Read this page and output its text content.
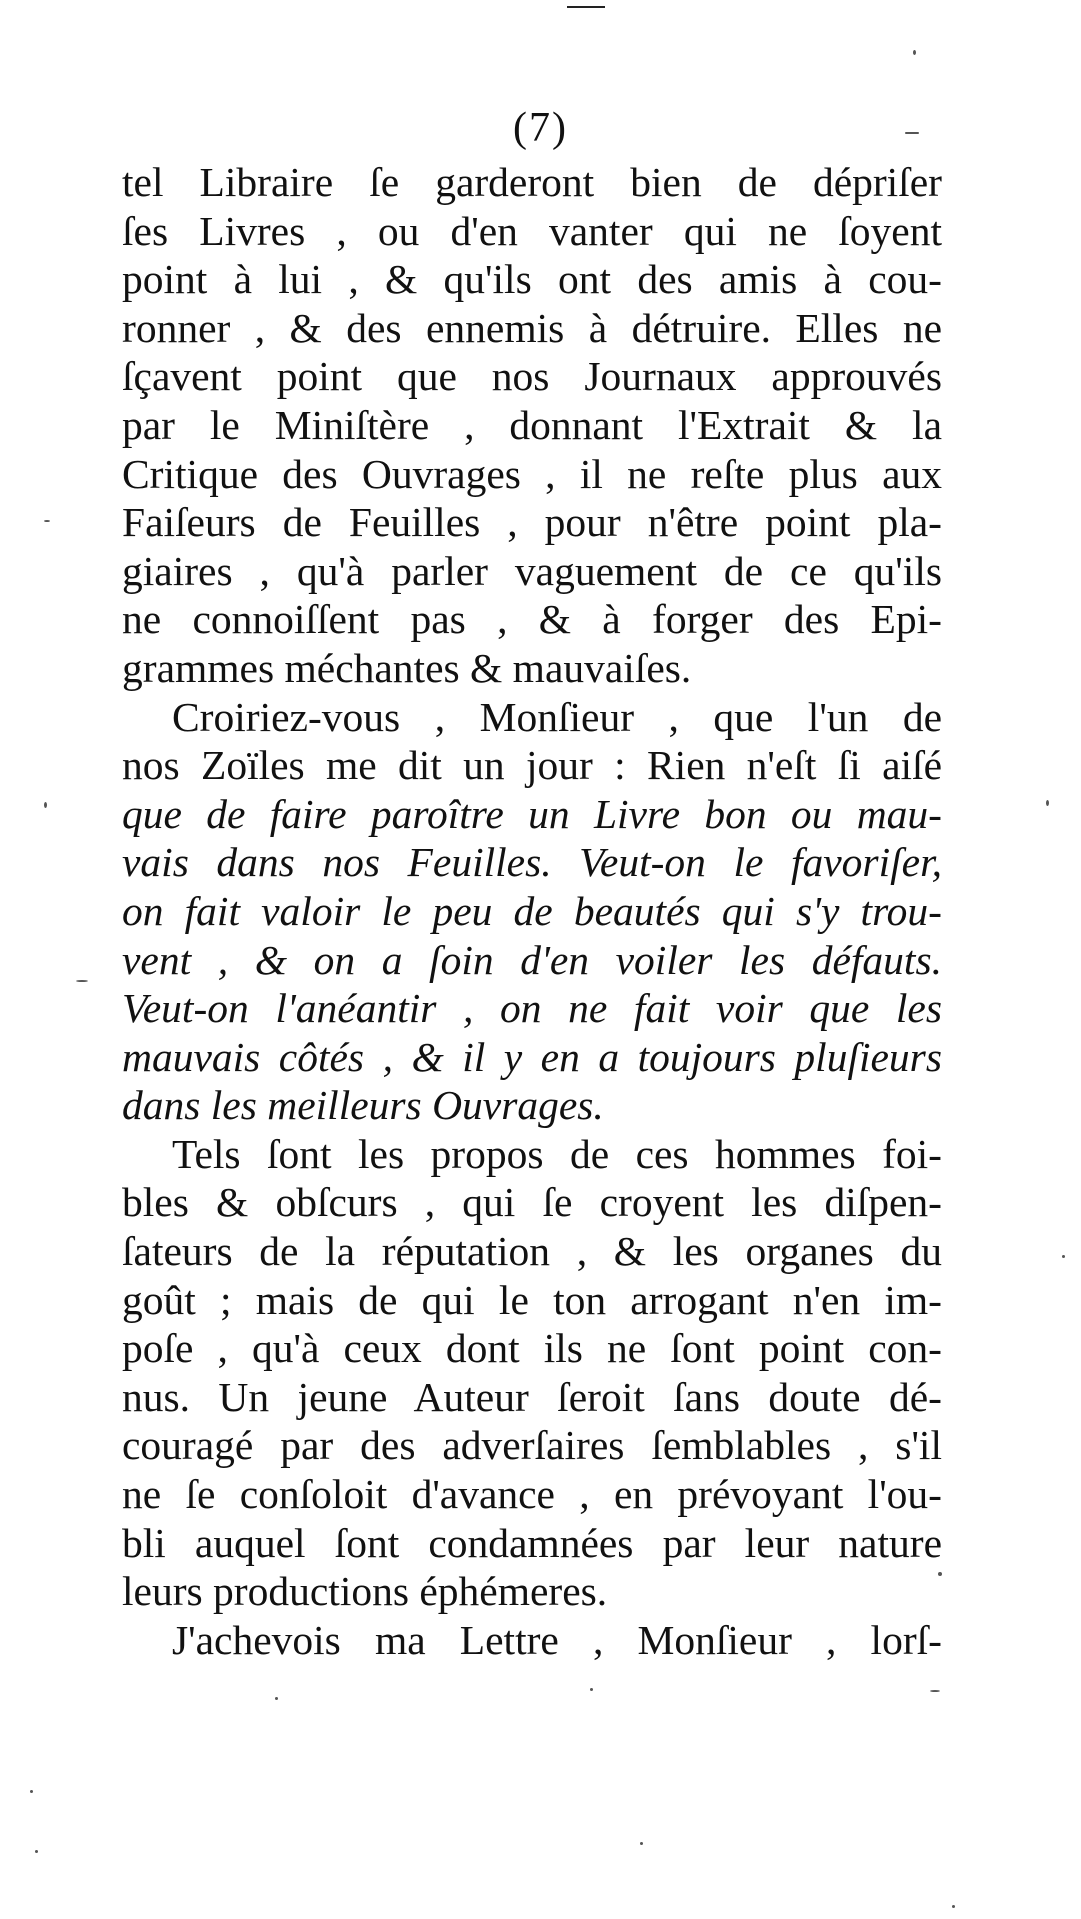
(7)
tel Libraire ſe garderont bien de dépriſer
ſes Livres , ou d'en vanter qui ne ſoyent
point à lui , & qu'ils ont des amis à cou-
ronner , & des ennemis à détruire. Elles ne
ſçavent point que nos Journaux approuvés
par le Miniſtère , donnant l'Extrait & la
Critique des Ouvrages , il ne reſte plus aux
Faiſeurs de Feuilles , pour n'être point pla-
giaires , qu'à parler vaguement de ce qu'ils
ne connoiſſent pas , & à forger des Epi-
grammes méchantes & mauvaiſes.
Croiriez-vous , Monſieur , que l'un de
nos Zoïles me dit un jour : Rien n'eſt ſi aiſé
que de faire paroître un Livre bon ou mau-
vais dans nos Feuilles. Veut-on le favoriſer,
on fait valoir le peu de beautés qui s'y trou-
vent , & on a ſoin d'en voiler les défauts.
Veut-on l'anéantir , on ne fait voir que les
mauvais côtés , & il y en a toujours pluſieurs
dans les meilleurs Ouvrages.
Tels ſont les propos de ces hommes foi-
bles & obſcurs , qui ſe croyent les diſpen-
ſateurs de la réputation , & les organes du
goût ; mais de qui le ton arrogant n'en im-
poſe , qu'à ceux dont ils ne ſont point con-
nus. Un jeune Auteur ſeroit ſans doute dé-
couragé par des adverſaires ſemblables , s'il
ne ſe conſoloit d'avance , en prévoyant l'ou-
bli auquel ſont condamnées par leur nature
leurs productions éphémeres.
J'achevois ma Lettre , Monſieur , lorſ-
